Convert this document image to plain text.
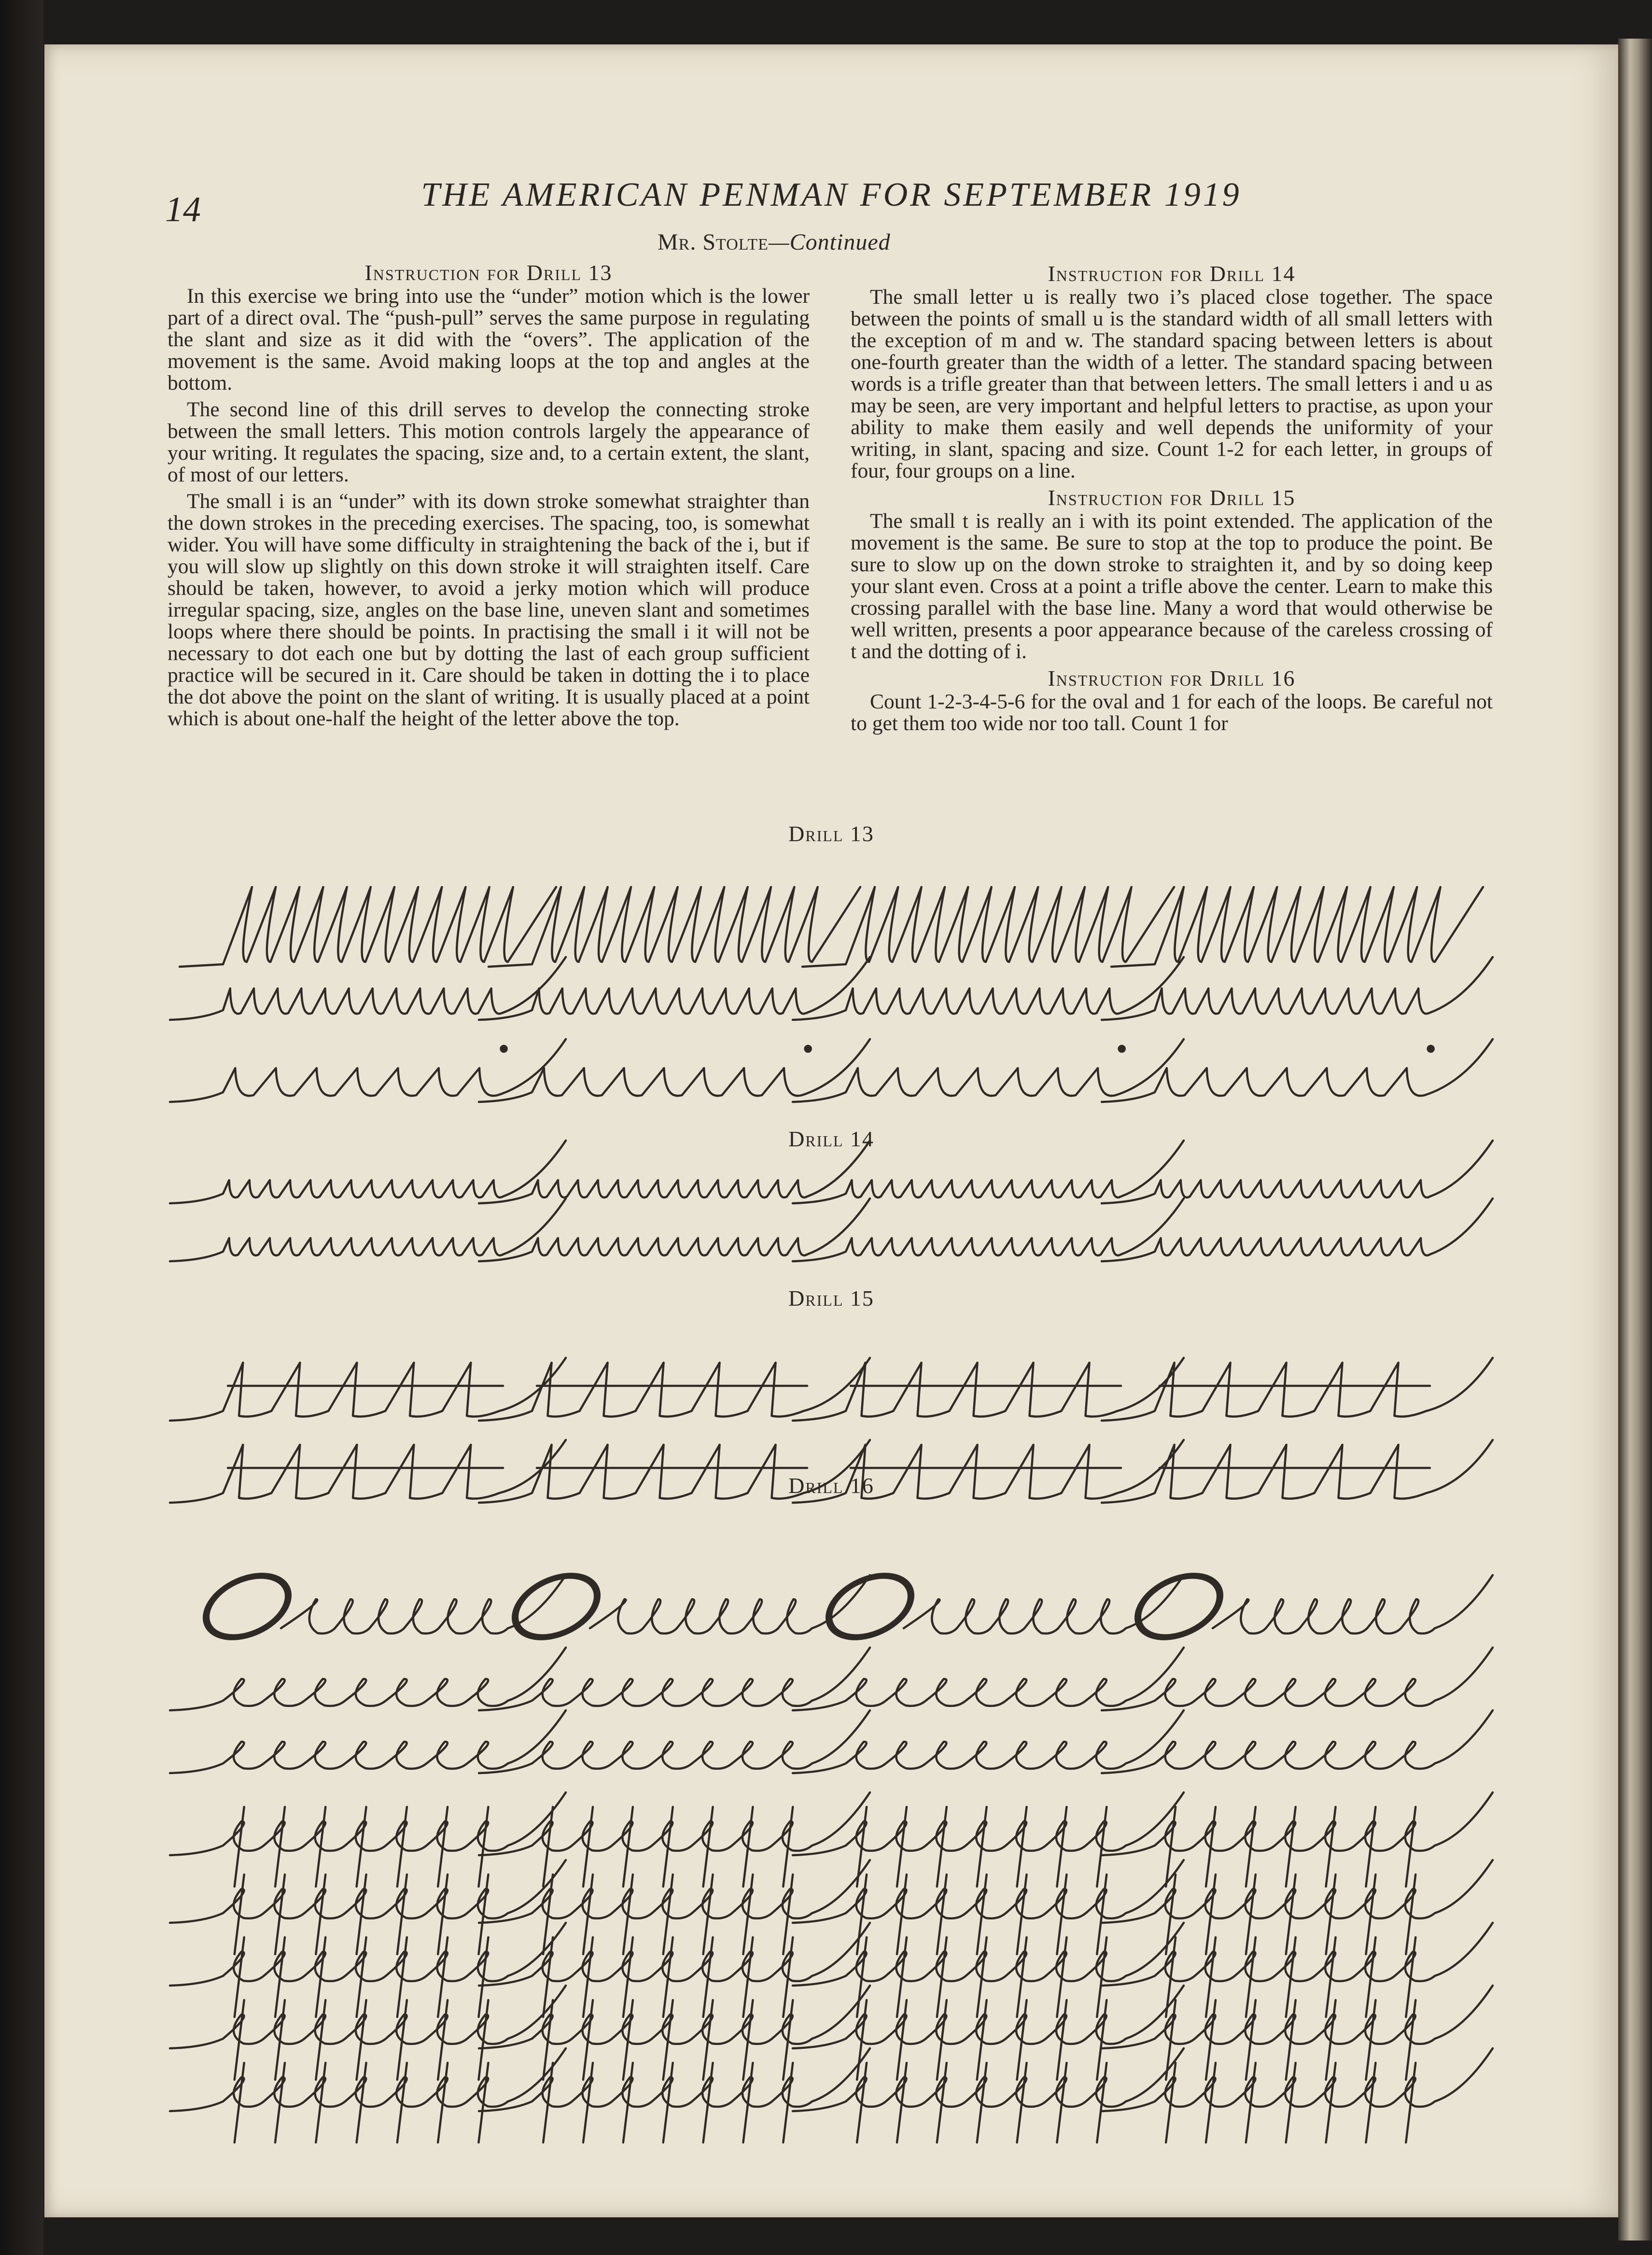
14	THE AMERICAN PENMAN FOR SEPTEMBER 1919
Mr. Stolte—Continued
Instruction for Drill 13

In this exercise we bring into use the “under” motion which is the lower part of a direct oval. The “push-pull” serves the same purpose in regulating the slant and size as it did with the “overs”. The application of the movement is the same. Avoid making loops at the top and angles at the bottom.

The second line of this drill serves to develop the connecting stroke between the small letters. This motion controls largely the appearance of your writing. It regulates the spacing, size and, to a certain extent, the slant, of most of our letters.

The small i is an “under” with its down stroke somewhat straighter than the down strokes in the preceding exercises. The spacing, too, is somewhat wider. You will have some difficulty in straightening the back of the i, but if you will slow up slightly on this down stroke it will straighten itself. Care should be taken, however, to avoid a jerky motion which will produce irregular spacing, size, angles on the base line, uneven slant and sometimes loops where there should be points. In practising the small i it will not be necessary to dot each one but by dotting the last of each group sufficient practice will be secured in it. Care should be taken in dotting the i to place the dot above the point on the slant of writing. It is usually placed at a point which is about one-half the height of the letter above the top.

Instruction for Drill 14

The small letter u is really two i’s placed close together. The space between the points of small u is the standard width of all small letters with the exception of m and w. The standard spacing between letters is about one-fourth greater than the width of a letter. The standard spacing between words is a trifle greater than that between letters. The small letters i and u as may be seen, are very important and helpful letters to practise, as upon your ability to make them easily and well depends the uniformity of your writing, in slant, spacing and size. Count 1-2 for each letter, in groups of four, four groups on a line.

Instruction for Drill 15

The small t is really an i with its point extended. The application of the movement is the same. Be sure to stop at the top to produce the point. Be sure to slow up on the down stroke to straighten it, and by so doing keep your slant even. Cross at a point a trifle above the center. Learn to make this crossing parallel with the base line. Many a word that would otherwise be well written, presents a poor appearance because of the careless crossing of t and the dotting of i.

Instruction for Drill 16

Count 1-2-3-4-5-6 for the oval and 1 for each of the loops. Be careful not to get them too wide nor too tall. Count 1 for

Drill 13
Drill 14
Drill 15
Drill 16
